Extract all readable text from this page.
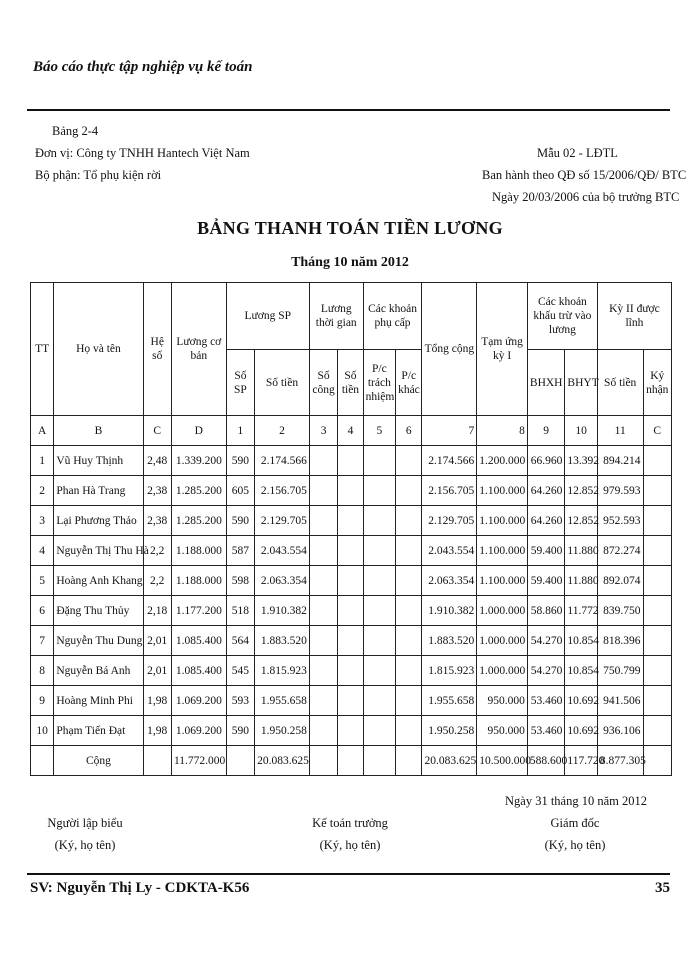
Báo cáo thực tập nghiệp vụ kế toán
Bảng 2-4
Đơn vị: Công ty TNHH Hantech Việt Nam
Bộ phận: Tổ phụ kiện rời
Mẫu 02 - LĐTL
Ban hành theo QĐ số 15/2006/QĐ/ BTC
Ngày 20/03/2006 của bộ trưởng BTC
BẢNG THANH TOÁN TIỀN LƯƠNG
Tháng 10 năm 2012
TT	Họ và tên	Hệ số	Lương cơ bản	Lương SP		Lương thời gian		Các khoản phụ cấp		Tổng cộng	Tạm ứng kỳ I	Các khoản khấu trừ vào lương		Kỳ II được lĩnh	
				Số SP	Số tiền	Số công	Số tiền	P/c trách nhiệm	P/c khác			BHXH	BHYT	Số tiền	Ký nhận
A	B	C	D	1	2	3	4	5	6	7	8	9	10	11	C
1	Vũ Huy Thịnh	2,48	1.339.200	590	2.174.566					2.174.566	1.200.000	66.960	13.392	894.214	
2	Phan Hà Trang	2,38	1.285.200	605	2.156.705					2.156.705	1.100.000	64.260	12.852	979.593	
3	Lại Phương Thảo	2,38	1.285.200	590	2.129.705					2.129.705	1.100.000	64.260	12.852	952.593	
4	Nguyễn Thị Thu Hà	2,2	1.188.000	587	2.043.554					2.043.554	1.100.000	59.400	11.880	872.274	
5	Hoàng Anh Khang	2,2	1.188.000	598	2.063.354					2.063.354	1.100.000	59.400	11.880	892.074	
6	Đặng Thu Thủy	2,18	1.177.200	518	1.910.382					1.910.382	1.000.000	58.860	11.772	839.750	
7	Nguyễn Thu Dung	2,01	1.085.400	564	1.883.520					1.883.520	1.000.000	54.270	10.854	818.396	
8	Nguyễn Bá Anh	2,01	1.085.400	545	1.815.923					1.815.923	1.000.000	54.270	10.854	750.799	
9	Hoàng Minh Phi	1,98	1.069.200	593	1.955.658					1.955.658	950.000	53.460	10.692	941.506	
10	Phạm Tiến Đạt	1,98	1.069.200	590	1.950.258					1.950.258	950.000	53.460	10.692	936.106	
	Cộng		11.772.000		20.083.625					20.083.625	10.500.000	588.600	117.720	8.877.305	
Ngày 31 tháng 10 năm 2012
Người lập biểu
(Ký, họ tên)
Kế toán trưởng
(Ký, họ tên)
Giám đốc
(Ký, họ tên)
SV: Nguyễn Thị Ly - CDKTA-K56	35
